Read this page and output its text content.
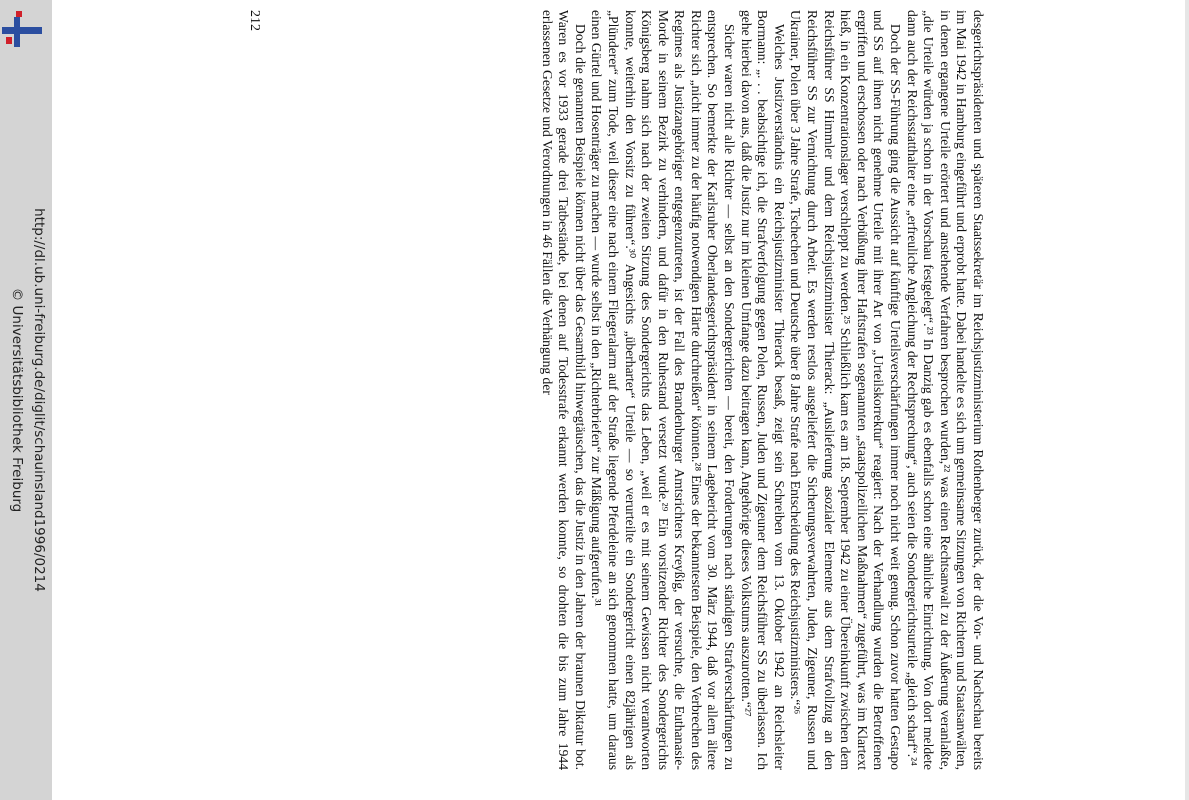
http://dl.ub.uni-freiburg.de/diglit/schauinsland1996/0214
© Universitätsbibliothek Freiburg	desgerichtspräsidenten und späteren Staatssekretär im Reichsjustizministerium Rothenberger zurück, der die Vor- und Nachschau bereits im Mai 1942 in Hamburg eingeführt und erprobt hatte. Dabei handelte es sich um gemeinsame Sitzungen von Richtern und Staatsanwälten, in denen ergangene Urteile erörtert und anstehende Verfahren besprochen wurden,²² was einen Rechtsanwalt zu der Äußerung veranlaßte, „die Urteile würden ja schon in der Vorschau festgelegt“.²³ In Danzig gab es ebenfalls schon eine ähnliche Einrichtung. Von dort meldete dann auch der Reichsstatthalter eine „erfreuliche Angleichung der Rechtsprechung“, auch seien die Sondergerichtsurteile „gleich scharf“.²⁴

Doch der SS-Führung ging die Aussicht auf künftige Urteilsverschärfungen immer noch nicht weit genug. Schon zuvor hatten Gestapo und SS auf ihnen nicht genehme Urteile mit ihrer Art von „Urteilskorrektur“ reagiert: Nach der Verhandlung wurden die Betroffenen ergriffen und erschossen oder nach Verbüßung ihrer Haftstrafen sogenannten „staatspolizeilichen Maßnahmen“ zugeführt, was im Klartext hieß, in ein Konzentrationslager verschleppt zu werden.²⁵ Schließlich kam es am 18. September 1942 zu einer Übereinkunft zwischen dem Reichsführer SS Himmler und dem Reichsjustizminister Thierack: „Auslieferung asozialer Elemente aus dem Strafvollzug an den Reichsführer SS zur Vernichtung durch Arbeit. Es werden restlos ausgeliefert die Sicherungsverwahrten, Juden, Zigeuner, Russen und Ukrainer, Polen über 3 Jahre Strafe, Tschechen und Deutsche über 8 Jahre Strafe nach Entscheidung des Reichsjustizministers.“²⁶

Welches Justizverständnis ein Reichsjustizminister Thierack besaß, zeigt sein Schreiben vom 13. Oktober 1942 an Reichsleiter Bormann: „. . . beabsichtige ich, die Strafverfolgung gegen Polen, Russen, Juden und Zigeuner dem Reichsführer SS zu überlassen. Ich gehe hierbei davon aus, daß die Justiz nur im kleinen Umfange dazu beitragen kann, Angehörige dieses Volkstums auszurotten.“²⁷

Sicher waren nicht alle Richter — selbst an den Sondergerichten — bereit, den Forderungen nach ständigen Strafverschärfungen zu entsprechen. So bemerkte der Karlsruher Oberlandesgerichtspräsident in seinem Lagebericht vom 30. März 1944, daß vor allem ältere Richter sich „nicht immer zu der häufig notwendigen Härte durchreißen“ könnten.²⁸ Eines der bekanntesten Beispiele, den Verbrechen des Regimes als Justizangehöriger entgegenzutreten, ist der Fall des Brandenburger Amtsrichters Kreyßig, der versuchte, die Euthanasie-Morde in seinem Bezirk zu verhindern, und dafür in den Ruhestand versetzt wurde.²⁹ Ein vorsitzender Richter des Sondergerichts Königsberg nahm sich nach der zweiten Sitzung des Sondergerichts das Leben, „weil er es mit seinem Gewissen nicht verantworten konnte, weiterhin den Vorsitz zu führen“.³⁰ Angesichts „überharter“ Urteile — so verurteilte ein Sondergericht einen 82jährigen als „Plünderer“ zum Tode, weil dieser eine nach einem Fliegeralarm auf der Straße liegende Pferdeleine an sich genommen hatte, um daraus einen Gürtel und Hosenträger zu machen — wurde selbst in den „Richterbriefen“ zur Mäßigung aufgerufen.³¹

Doch die genannten Beispiele können nicht über das Gesamtbild hinwegtäuschen, das die Justiz in den Jahren der braunen Diktatur bot. Waren es vor 1933 gerade drei Tatbestände, bei denen auf Todesstrafe erkannt werden konnte, so drohten die bis zum Jahre 1944 erlassenen Gesetze und Verordnungen in 46 Fällen die Verhängung der

212
